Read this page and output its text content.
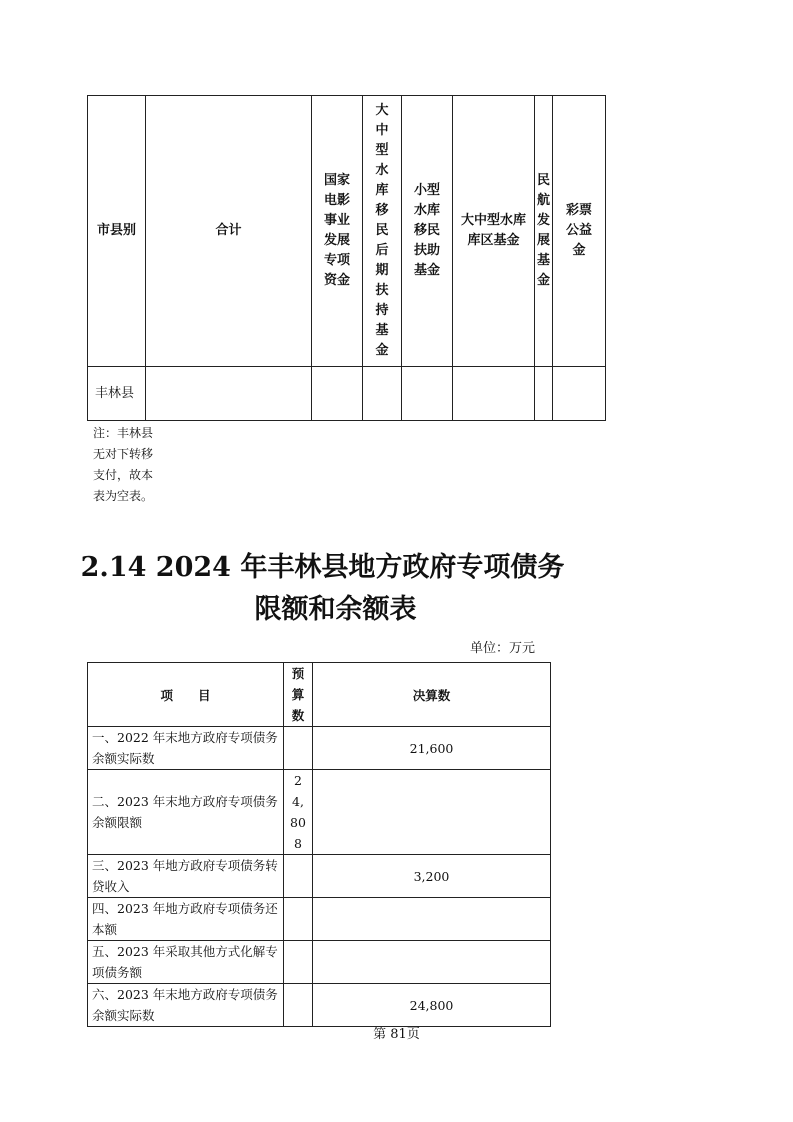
市县别	合计	国家电影事业发展专项资金	大中型水库移民后期扶持基金	小型水库移民扶助基金	大中型水库库区基金	民航发展基金	彩票公益金
丰林县							
注：丰林县无对下转移支付，故本表为空表。
2.14 2024 年丰林县地方政府专项债务
限额和余额表
单位：万元
项　　目	预算数	决算数
一、2022 年末地方政府专项债务余额实际数		21,600
二、2023 年末地方政府专项债务余额限额	24,808	
三、2023 年地方政府专项债务转贷收入		3,200
四、2023 年地方政府专项债务还本额		
五、2023 年采取其他方式化解专项债务额		
六、2023 年末地方政府专项债务余额实际数		24,800
第 81页
